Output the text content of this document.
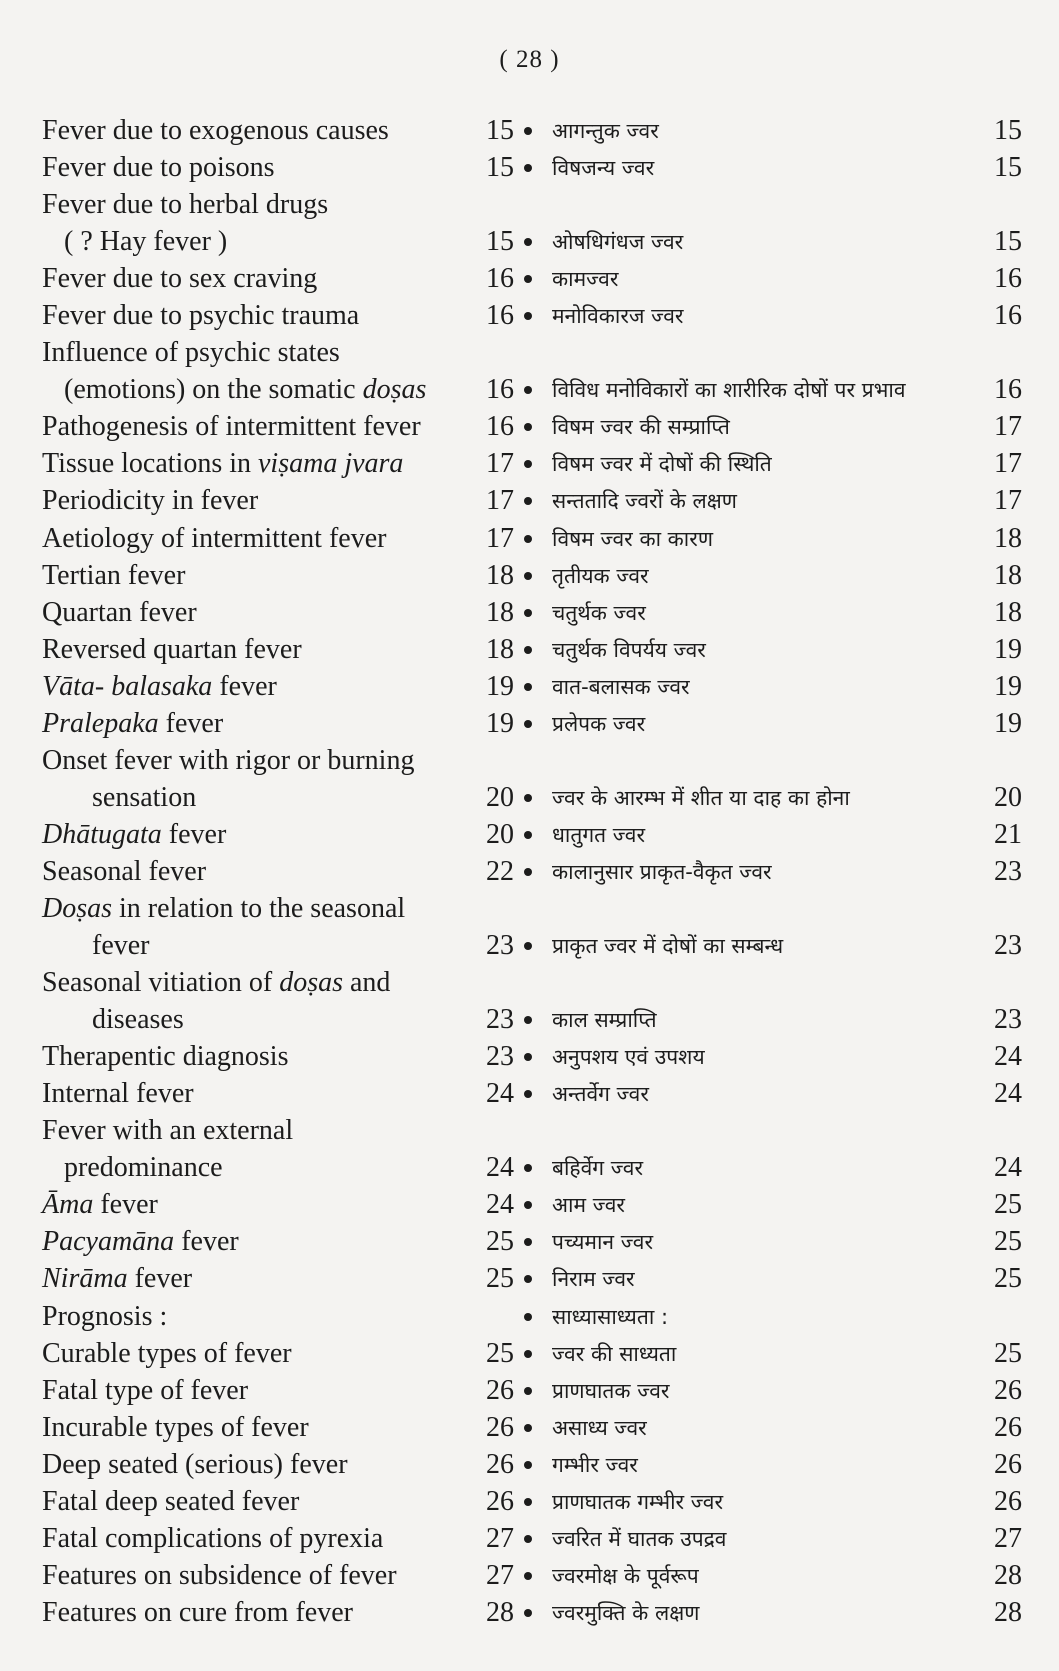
( 28 )
Fever due to exogenous causes	15 आगन्तुक ज्वर	15
Fever due to poisons	15 विषजन्य ज्वर	15
Fever due to herbal drugs
( ? Hay fever )	15 ओषधिगंधज ज्वर	15
Fever due to sex craving	16 कामज्वर	16
Fever due to psychic trauma	16 मनोविकारज ज्वर	16
Influence of psychic states
(emotions) on the somatic doṣas	16 विविध मनोविकारों का शारीरिक दोषों पर प्रभाव	16
Pathogenesis of intermittent fever	16 विषम ज्वर की सम्प्राप्ति	17
Tissue locations in viṣama jvara	17 विषम ज्वर में दोषों की स्थिति	17
Periodicity in fever	17 सन्ततादि ज्वरों के लक्षण	17
Aetiology of intermittent fever	17 विषम ज्वर का कारण	18
Tertian fever	18 तृतीयक ज्वर	18
Quartan fever	18 चतुर्थक ज्वर	18
Reversed quartan fever	18 चतुर्थक विपर्यय ज्वर	19
Vāta- balasaka fever	19 वात-बलासक ज्वर	19
Pralepaka fever	19 प्रलेपक ज्वर	19
Onset fever with rigor or burning
sensation	20 ज्वर के आरम्भ में शीत या दाह का होना	20
Dhātugata fever	20 धातुगत ज्वर	21
Seasonal fever	22 कालानुसार प्राकृत-वैकृत ज्वर	23
Doṣas in relation to the seasonal
fever	23 प्राकृत ज्वर में दोषों का सम्बन्ध	23
Seasonal vitiation of doṣas and
diseases	23 काल सम्प्राप्ति	23
Therapentic diagnosis	23 अनुपशय एवं उपशय	24
Internal fever	24 अन्तर्वेग ज्वर	24
Fever with an external
predominance	24 बहिर्वेग ज्वर	24
Āma fever	24 आम ज्वर	25
Pacyamāna fever	25 पच्यमान ज्वर	25
Nirāma fever	25 निराम ज्वर	25
Prognosis :	साध्यासाध्यता :
Curable types of fever	25 ज्वर की साध्यता	25
Fatal type of fever	26 प्राणघातक ज्वर	26
Incurable types of fever	26 असाध्य ज्वर	26
Deep seated (serious) fever	26 गम्भीर ज्वर	26
Fatal deep seated fever	26 प्राणघातक गम्भीर ज्वर	26
Fatal complications of pyrexia	27 ज्वरित में घातक उपद्रव	27
Features on subsidence of fever	27 ज्वरमोक्ष के पूर्वरूप	28
Features on cure from fever	28 ज्वरमुक्ति के लक्षण	28
